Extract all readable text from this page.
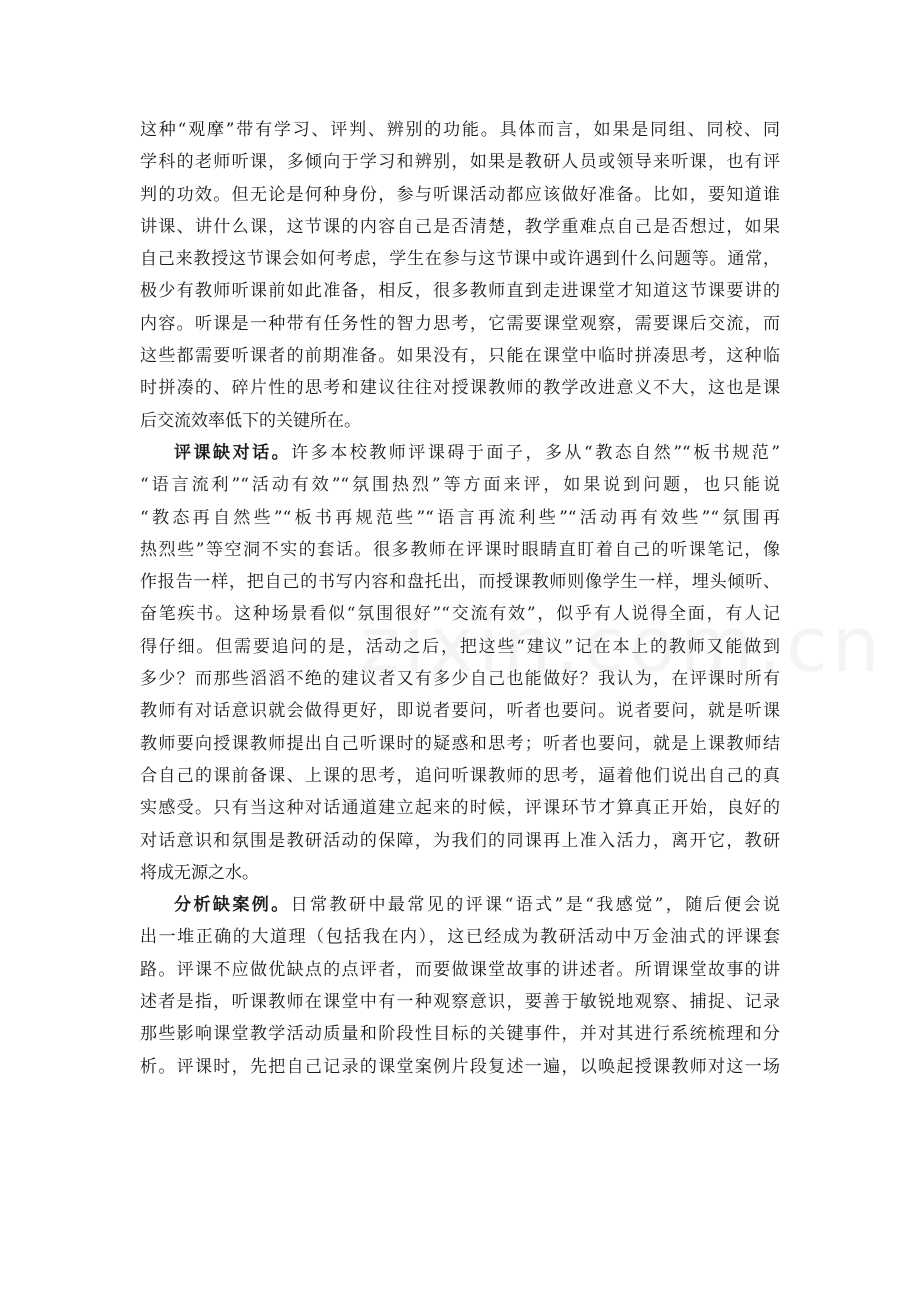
这种“观摩”带有学习、评判、辨别的功能。具体而言，如果是同组、同校、同
学科的老师听课，多倾向于学习和辨别，如果是教研人员或领导来听课，也有评
判的功效。但无论是何种身份，参与听课活动都应该做好准备。比如，要知道谁
讲课、讲什么课，这节课的内容自己是否清楚，教学重难点自己是否想过，如果
自己来教授这节课会如何考虑，学生在参与这节课中或许遇到什么问题等。通常，
极少有教师听课前如此准备，相反，很多教师直到走进课堂才知道这节课要讲的
内容。听课是一种带有任务性的智力思考，它需要课堂观察，需要课后交流，而
这些都需要听课者的前期准备。如果没有，只能在课堂中临时拼凑思考，这种临
时拼凑的、碎片性的思考和建议往往对授课教师的教学改进意义不大，这也是课
后交流效率低下的关键所在。
评课缺对话。许多本校教师评课碍于面子，多从“教态自然”“板书规范”
“语言流利”“活动有效”“氛围热烈”等方面来评，如果说到问题，也只能说
“教态再自然些”“板书再规范些”“语言再流利些”“活动再有效些”“氛围再
热烈些”等空洞不实的套话。很多教师在评课时眼睛直盯着自己的听课笔记，像
作报告一样，把自己的书写内容和盘托出，而授课教师则像学生一样，埋头倾听、
奋笔疾书。这种场景看似“氛围很好”“交流有效”，似乎有人说得全面，有人记
得仔细。但需要追问的是，活动之后，把这些“建议”记在本上的教师又能做到
多少？而那些滔滔不绝的建议者又有多少自己也能做好？我认为，在评课时所有
教师有对话意识就会做得更好，即说者要问，听者也要问。说者要问，就是听课
教师要向授课教师提出自己听课时的疑惑和思考；听者也要问，就是上课教师结
合自己的课前备课、上课的思考，追问听课教师的思考，逼着他们说出自己的真
实感受。只有当这种对话通道建立起来的时候，评课环节才算真正开始，良好的
对话意识和氛围是教研活动的保障，为我们的同课再上准入活力，离开它，教研
将成无源之水。
分析缺案例。日常教研中最常见的评课“语式”是“我感觉”，随后便会说
出一堆正确的大道理（包括我在内），这已经成为教研活动中万金油式的评课套
路。评课不应做优缺点的点评者，而要做课堂故事的讲述者。所谓课堂故事的讲
述者是指，听课教师在课堂中有一种观察意识，要善于敏锐地观察、捕捉、记录
那些影响课堂教学活动质量和阶段性目标的关键事件，并对其进行系统梳理和分
析。评课时，先把自己记录的课堂案例片段复述一遍，以唤起授课教师对这一场
